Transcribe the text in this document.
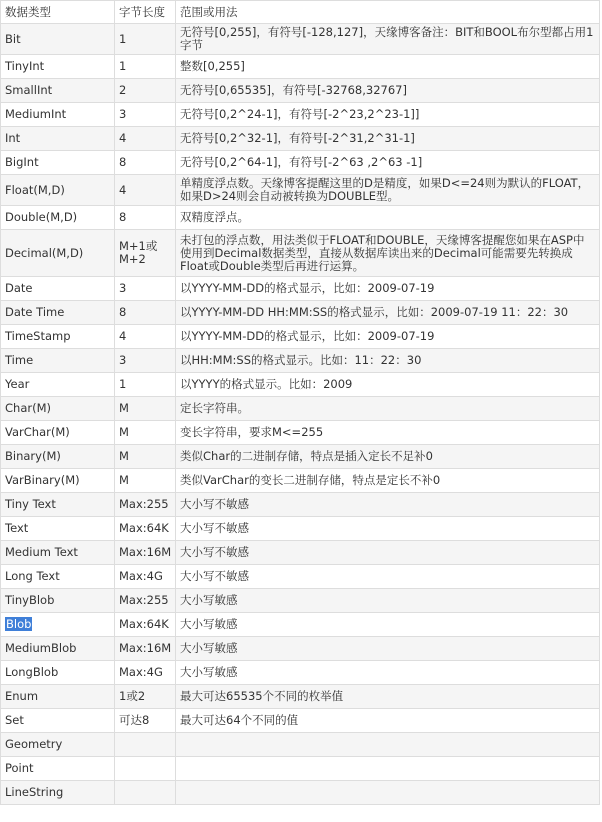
数据类型	字节长度	范围或用法
Bit	1	无符号[0,255]，有符号[-128,127]，天缘博客备注：BIT和BOOL布尔型都占用1字节
TinyInt	1	整数[0,255]
SmallInt	2	无符号[0,65535]，有符号[-32768,32767]
MediumInt	3	无符号[0,2^24-1]，有符号[-2^23,2^23-1]]
Int	4	无符号[0,2^32-1]，有符号[-2^31,2^31-1]
BigInt	8	无符号[0,2^64-1]，有符号[-2^63 ,2^63 -1]
Float(M,D)	4	单精度浮点数。天缘博客提醒这里的D是精度，如果D<=24则为默认的FLOAT，如果D>24则会自动被转换为DOUBLE型。
Double(M,D)	8	双精度浮点。
Decimal(M,D)	M+1或M+2	未打包的浮点数，用法类似于FLOAT和DOUBLE，天缘博客提醒您如果在ASP中使用到Decimal数据类型，直接从数据库读出来的Decimal可能需要先转换成Float或Double类型后再进行运算。
Date	3	以YYYY-MM-DD的格式显示，比如：2009-07-19
Date Time	8	以YYYY-MM-DD HH:MM:SS的格式显示，比如：2009-07-19 11：22：30
TimeStamp	4	以YYYY-MM-DD的格式显示，比如：2009-07-19
Time	3	以HH:MM:SS的格式显示。比如：11：22：30
Year	1	以YYYY的格式显示。比如：2009
Char(M)	M	定长字符串。
VarChar(M)	M	变长字符串，要求M<=255
Binary(M)	M	类似Char的二进制存储，特点是插入定长不足补0
VarBinary(M)	M	类似VarChar的变长二进制存储，特点是定长不补0
Tiny Text	Max:255	大小写不敏感
Text	Max:64K	大小写不敏感
Medium Text	Max:16M	大小写不敏感
Long Text	Max:4G	大小写不敏感
TinyBlob	Max:255	大小写敏感
Blob	Max:64K	大小写敏感
MediumBlob	Max:16M	大小写敏感
LongBlob	Max:4G	大小写敏感
Enum	1或2	最大可达65535个不同的枚举值
Set	可达8	最大可达64个不同的值
Geometry		
Point		
LineString		
